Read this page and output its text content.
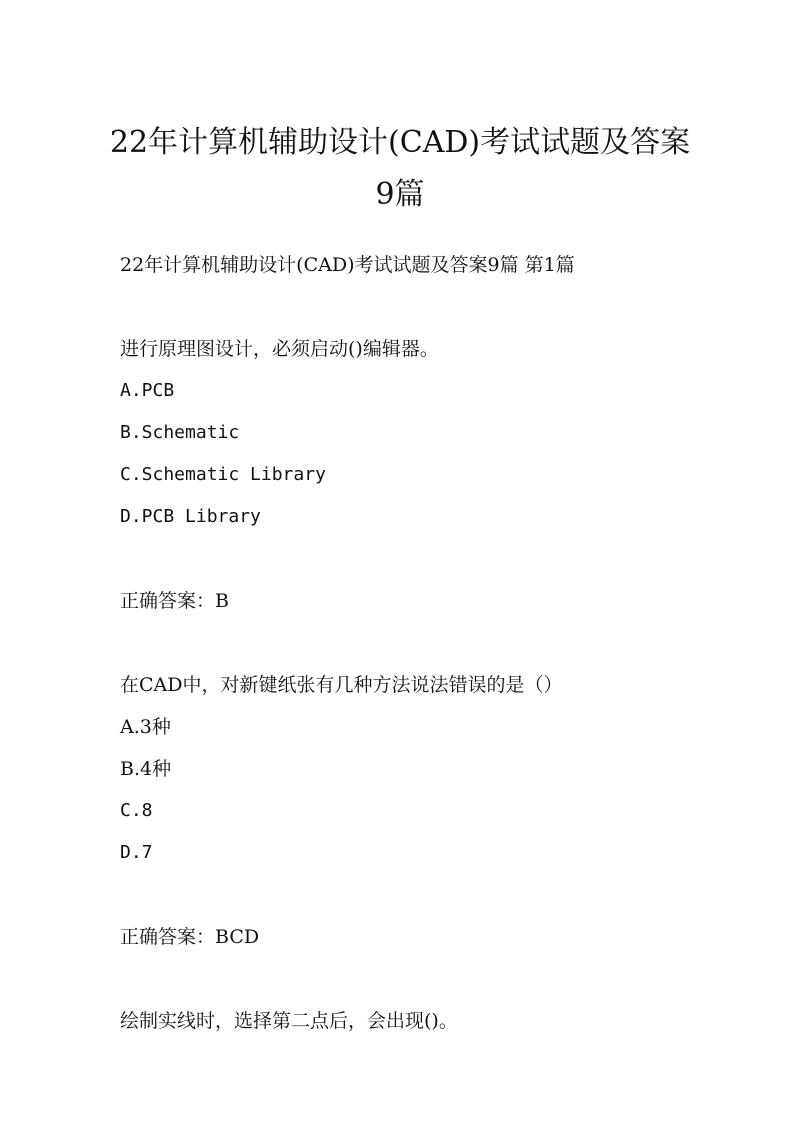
22年计算机辅助设计(CAD)考试试题及答案
9篇
22年计算机辅助设计(CAD)考试试题及答案9篇 第1篇
进行原理图设计，必须启动()编辑器。
A.PCB
B.Schematic
C.Schematic Library
D.PCB Library
正确答案：B
在CAD中，对新键纸张有几种方法说法错误的是（）
A.3种
B.4种
C.8
D.7
正确答案：BCD
绘制实线时，选择第二点后，会出现()。
